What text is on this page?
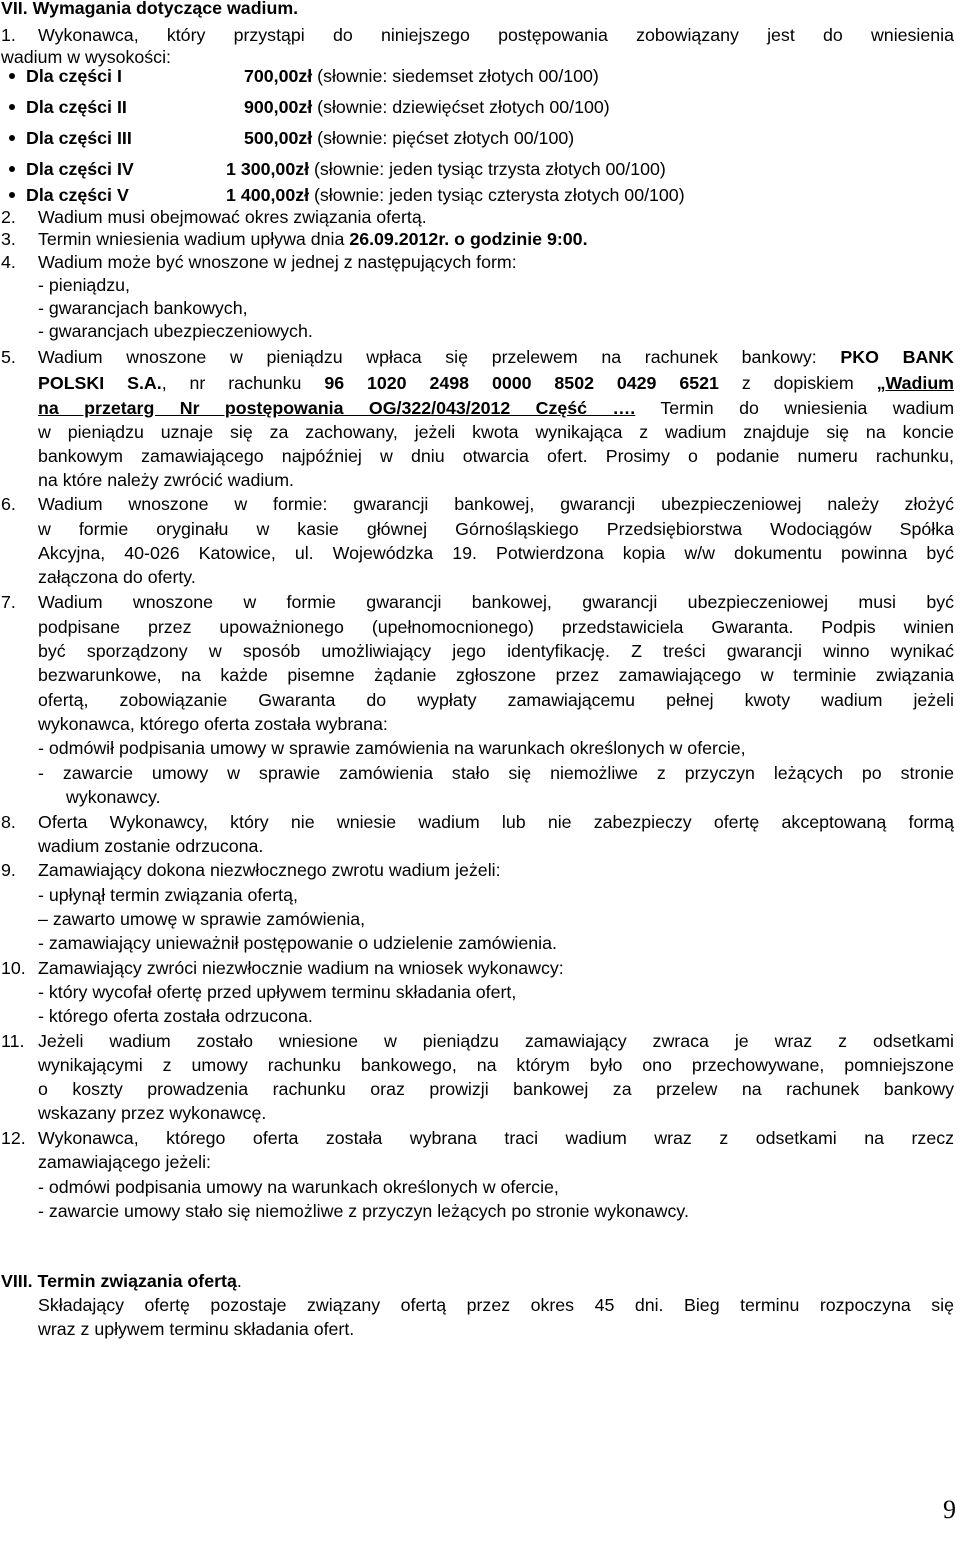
VII. Wymagania dotyczące wadium.
1. Wykonawca, który przystąpi do niniejszego postępowania zobowiązany jest do wniesienia
wadium w wysokości:
Dla części I	700,00zł (słownie: siedemset złotych 00/100)
Dla części II	900,00zł (słownie: dziewięćset złotych 00/100)
Dla części III	500,00zł (słownie: pięćset złotych 00/100)
Dla części IV	1 300,00zł (słownie: jeden tysiąc trzysta złotych 00/100)
Dla części V	1 400,00zł (słownie: jeden tysiąc czterysta złotych 00/100)
2. Wadium musi obejmować okres związania ofertą.
3. Termin wniesienia wadium upływa dnia 26.09.2012r. o godzinie 9:00.
4. Wadium może być wnoszone w jednej z następujących form:
- pieniądzu,
- gwarancjach bankowych,
- gwarancjach ubezpieczeniowych.
5. Wadium wnoszone w pieniądzu wpłaca się przelewem na rachunek bankowy: PKO BANK
POLSKI S.A., nr rachunku 96 1020 2498 0000 8502 0429 6521 z dopiskiem „Wadium
na przetarg Nr postępowania OG/322/043/2012 Część …. Termin do wniesienia wadium
w pieniądzu uznaje się za zachowany, jeżeli kwota wynikająca z wadium znajduje się na koncie
bankowym zamawiającego najpóźniej w dniu otwarcia ofert. Prosimy o podanie numeru rachunku,
na które należy zwrócić wadium.
6. Wadium wnoszone w formie: gwarancji bankowej, gwarancji ubezpieczeniowej należy złożyć
w formie oryginału w kasie głównej Górnośląskiego Przedsiębiorstwa Wodociągów Spółka
Akcyjna, 40-026 Katowice, ul. Wojewódzka 19. Potwierdzona kopia w/w dokumentu powinna być
załączona do oferty.
7. Wadium wnoszone w formie gwarancji bankowej, gwarancji ubezpieczeniowej musi być
podpisane przez upoważnionego (upełnomocnionego) przedstawiciela Gwaranta. Podpis winien
być sporządzony w sposób umożliwiający jego identyfikację. Z treści gwarancji winno wynikać
bezwarunkowe, na każde pisemne żądanie zgłoszone przez zamawiającego w terminie związania
ofertą, zobowiązanie Gwaranta do wypłaty zamawiającemu pełnej kwoty wadium jeżeli
wykonawca, którego oferta została wybrana:
- odmówił podpisania umowy w sprawie zamówienia na warunkach określonych w ofercie,
- zawarcie umowy w sprawie zamówienia stało się niemożliwe z przyczyn leżących po stronie
wykonawcy.
8. Oferta Wykonawcy, który nie wniesie wadium lub nie zabezpieczy ofertę akceptowaną formą
wadium zostanie odrzucona.
9. Zamawiający dokona niezwłocznego zwrotu wadium jeżeli:
- upłynął termin związania ofertą,
– zawarto umowę w sprawie zamówienia,
- zamawiający unieważnił postępowanie o udzielenie zamówienia.
10. Zamawiający zwróci niezwłocznie wadium na wniosek wykonawcy:
- który wycofał ofertę przed upływem terminu składania ofert,
- którego oferta została odrzucona.
11. Jeżeli wadium zostało wniesione w pieniądzu zamawiający zwraca je wraz z odsetkami
wynikającymi z umowy rachunku bankowego, na którym było ono przechowywane, pomniejszone
o koszty prowadzenia rachunku oraz prowizji bankowej za przelew na rachunek bankowy
wskazany przez wykonawcę.
12. Wykonawca, którego oferta została wybrana traci wadium wraz z odsetkami na rzecz
zamawiającego jeżeli:
- odmówi podpisania umowy na warunkach określonych w ofercie,
- zawarcie umowy stało się niemożliwe z przyczyn leżących po stronie wykonawcy.
VIII. Termin związania ofertą.
Składający ofertę pozostaje związany ofertą przez okres 45 dni. Bieg terminu rozpoczyna się
wraz z upływem terminu składania ofert.
9
